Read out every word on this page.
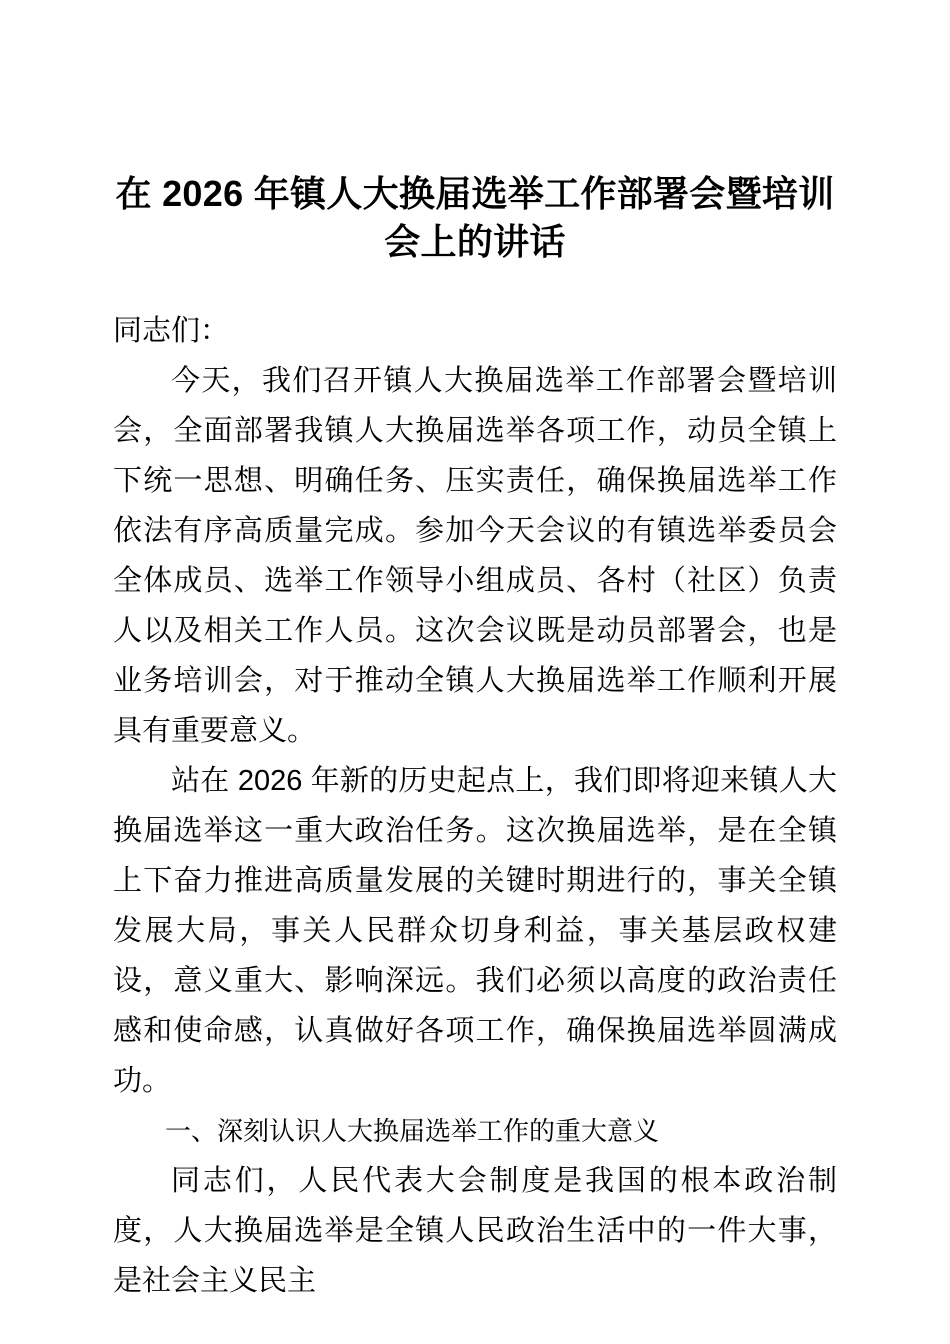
在 2026 年镇人大换届选举工作部署会暨培训会上的讲话

同志们：

今天，我们召开镇人大换届选举工作部署会暨培训会，全面部署我镇人大换届选举各项工作，动员全镇上下统一思想、明确任务、压实责任，确保换届选举工作依法有序高质量完成。参加今天会议的有镇选举委员会全体成员、选举工作领导小组成员、各村（社区）负责人以及相关工作人员。这次会议既是动员部署会，也是业务培训会，对于推动全镇人大换届选举工作顺利开展具有重要意义。

站在 2026 年新的历史起点上，我们即将迎来镇人大换届选举这一重大政治任务。这次换届选举，是在全镇上下奋力推进高质量发展的关键时期进行的，事关全镇发展大局，事关人民群众切身利益，事关基层政权建设，意义重大、影响深远。我们必须以高度的政治责任感和使命感，认真做好各项工作，确保换届选举圆满成功。

一、深刻认识人大换届选举工作的重大意义

同志们，人民代表大会制度是我国的根本政治制度，人大换届选举是全镇人民政治生活中的一件大事，是社会主义民主
